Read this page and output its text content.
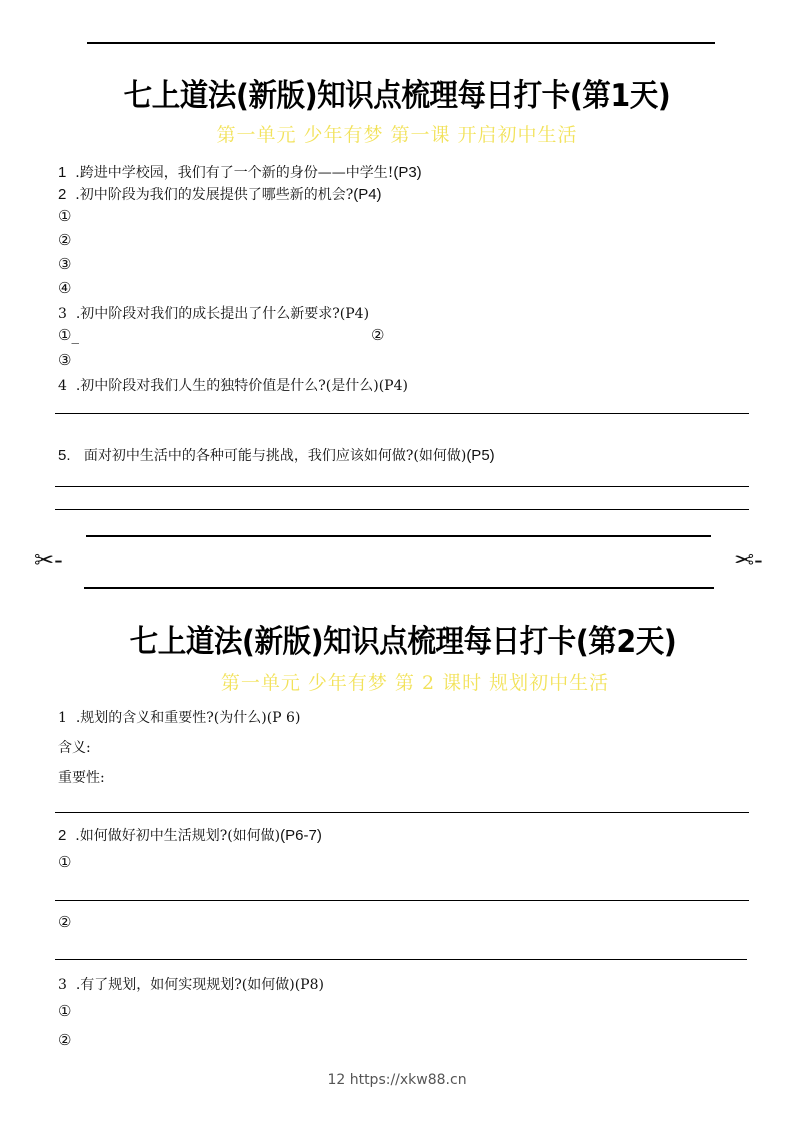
七上道法(新版)知识点梳理每日打卡(第1天)
第一单元 少年有梦 第一课 开启初中生活
1 .跨进中学校园，我们有了一个新的身份——中学生!(P3)
2 .初中阶段为我们的发展提供了哪些新的机会?(P4)
①
②
③
④
3 .初中阶段对我们的成长提出了什么新要求?(P4)
①_	②
③
4 .初中阶段对我们人生的独特价值是什么?(是什么)(P4)
5. 面对初中生活中的各种可能与挑战，我们应该如何做?(如何做)(P5)
✂-	-✂
七上道法(新版)知识点梳理每日打卡(第2天)
第一单元 少年有梦 第 2 课时 规划初中生活
1 .规划的含义和重要性?(为什么)(P 6)
含义:
重要性:
2 .如何做好初中生活规划?(如何做)(P6-7)
①
②
3 .有了规划，如何实现规划?(如何做)(P8)
①
②
12 https://xkw88.cn
